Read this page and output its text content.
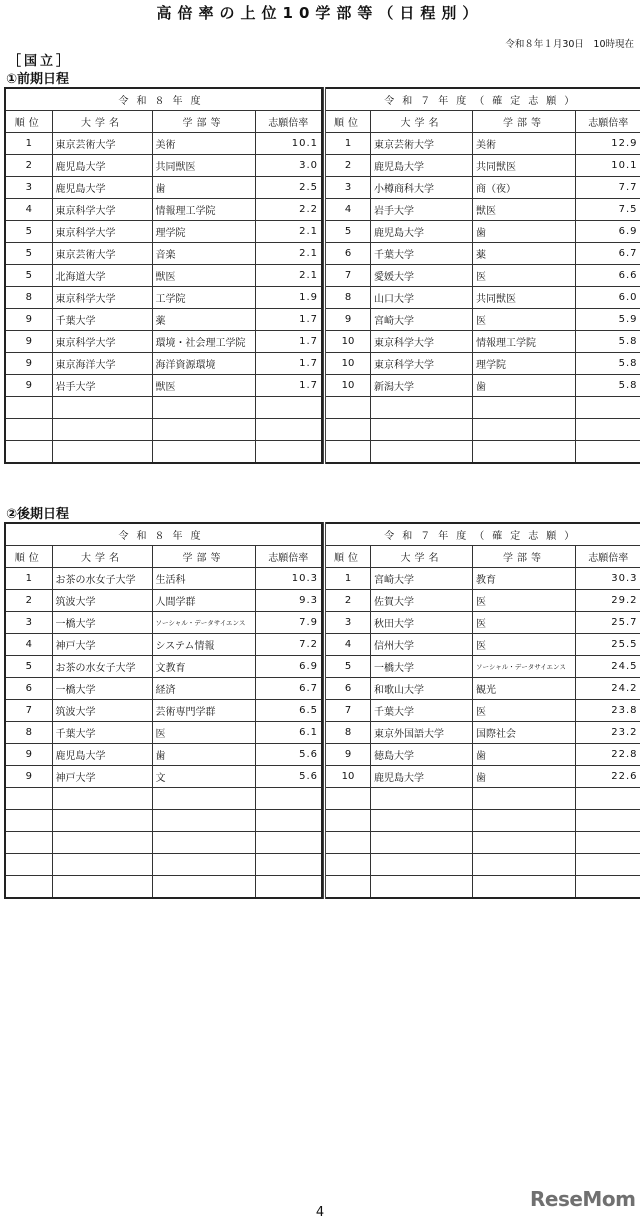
高倍率の上位10学部等（日程別）
令和８年１月30日　10時現在
［国立］
①前期日程
令和８年度			
順位	大学名	学部等	志願倍率
1	東京芸術大学	美術	10.1
2	鹿児島大学	共同獣医	3.0
3	鹿児島大学	歯	2.5
4	東京科学大学	情報理工学院	2.2
5	東京科学大学	理学院	2.1
5	東京芸術大学	音楽	2.1
5	北海道大学	獣医	2.1
8	東京科学大学	工学院	1.9
9	千葉大学	薬	1.7
9	東京科学大学	環境・社会理工学院	1.7
9	東京海洋大学	海洋資源環境	1.7
9	岩手大学	獣医	1.7

令和７年度（確定志願）			
順位	大学名	学部等	志願倍率
1	東京芸術大学	美術	12.9
2	鹿児島大学	共同獣医	10.1
3	小樽商科大学	商（夜）	7.7
4	岩手大学	獣医	7.5
5	鹿児島大学	歯	6.9
6	千葉大学	薬	6.7
7	愛媛大学	医	6.6
8	山口大学	共同獣医	6.0
9	宮崎大学	医	5.9
10	東京科学大学	情報理工学院	5.8
10	東京科学大学	理学院	5.8
10	新潟大学	歯	5.8

②後期日程
令和８年度			
順位	大学名	学部等	志願倍率
1	お茶の水女子大学	生活科	10.3
2	筑波大学	人間学群	9.3
3	一橋大学	ソーシャル・データサイエンス	7.9
4	神戸大学	システム情報	7.2
5	お茶の水女子大学	文教育	6.9
6	一橋大学	経済	6.7
7	筑波大学	芸術専門学群	6.5
8	千葉大学	医	6.1
9	鹿児島大学	歯	5.6
9	神戸大学	文	5.6

令和７年度（確定志願）			
順位	大学名	学部等	志願倍率
1	宮崎大学	教育	30.3
2	佐賀大学	医	29.2
3	秋田大学	医	25.7
4	信州大学	医	25.5
5	一橋大学	ソーシャル・データサイエンス	24.5
6	和歌山大学	観光	24.2
7	千葉大学	医	23.8
8	東京外国語大学	国際社会	23.2
9	徳島大学	歯	22.8
10	鹿児島大学	歯	22.6

4
ReseMom
